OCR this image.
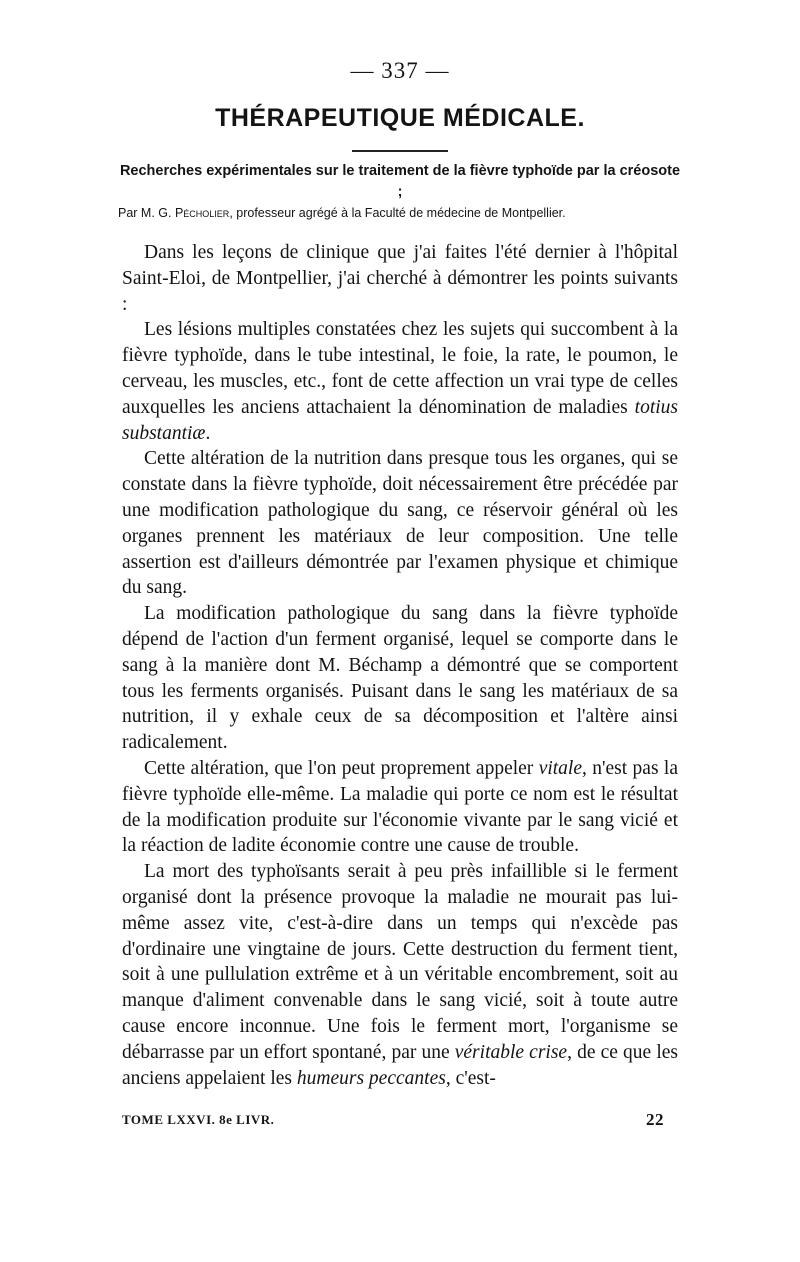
— 337 —
THÉRAPEUTIQUE MÉDICALE.
Recherches expérimentales sur le traitement de la fièvre typhoïde par la créosote ;
Par M. G. Pécholier, professeur agrégé à la Faculté de médecine de Montpellier.

Dans les leçons de clinique que j'ai faites l'été dernier à l'hôpital Saint-Eloi, de Montpellier, j'ai cherché à démontrer les points suivants :

Les lésions multiples constatées chez les sujets qui succombent à la fièvre typhoïde, dans le tube intestinal, le foie, la rate, le poumon, le cerveau, les muscles, etc., font de cette affection un vrai type de celles auxquelles les anciens attachaient la dénomination de maladies totius substantiæ.

Cette altération de la nutrition dans presque tous les organes, qui se constate dans la fièvre typhoïde, doit nécessairement être précédée par une modification pathologique du sang, ce réservoir général où les organes prennent les matériaux de leur composition. Une telle assertion est d'ailleurs démontrée par l'examen physique et chimique du sang.

La modification pathologique du sang dans la fièvre typhoïde dépend de l'action d'un ferment organisé, lequel se comporte dans le sang à la manière dont M. Béchamp a démontré que se comportent tous les ferments organisés. Puisant dans le sang les matériaux de sa nutrition, il y exhale ceux de sa décomposition et l'altère ainsi radicalement.

Cette altération, que l'on peut proprement appeler vitale, n'est pas la fièvre typhoïde elle-même. La maladie qui porte ce nom est le résultat de la modification produite sur l'économie vivante par le sang vicié et la réaction de ladite économie contre une cause de trouble.

La mort des typhoïsants serait à peu près infaillible si le ferment organisé dont la présence provoque la maladie ne mourait pas lui-même assez vite, c'est-à-dire dans un temps qui n'excède pas d'ordinaire une vingtaine de jours. Cette destruction du ferment tient, soit à une pullulation extrême et à un véritable encombrement, soit au manque d'aliment convenable dans le sang vicié, soit à toute autre cause encore inconnue. Une fois le ferment mort, l'organisme se débarrasse par un effort spontané, par une véritable crise, de ce que les anciens appelaient les humeurs peccantes, c'est-

TOME LXXVI. 8e LIVR.	22
